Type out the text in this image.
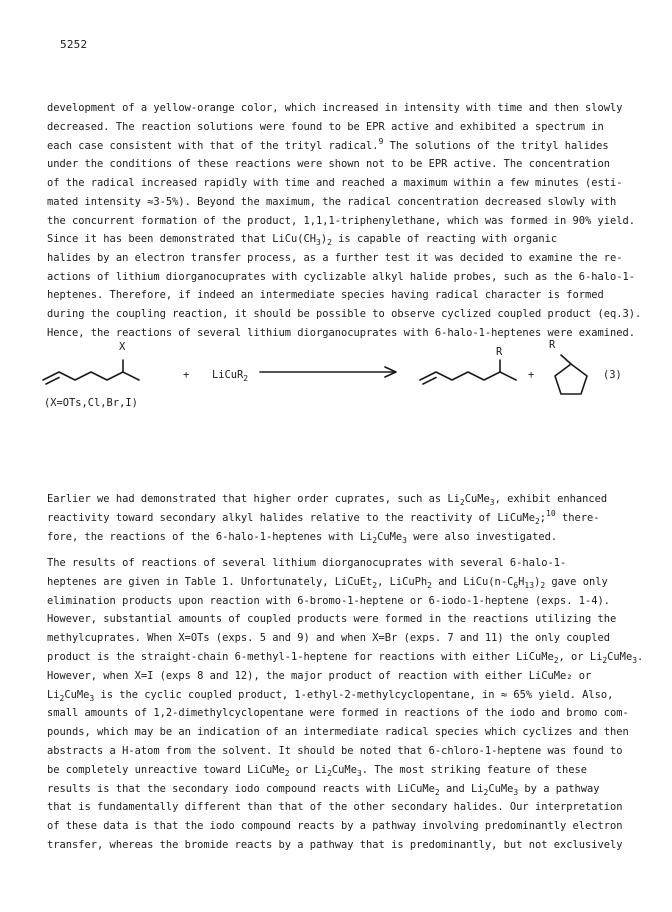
5252
development of a yellow-orange color, which increased in intensity with time and then slowly
decreased. The reaction solutions were found to be EPR active and exhibited a spectrum in
each case consistent with that of the trityl radical.$^9$ The solutions of the trityl halides
under the conditions of these reactions were shown not to be EPR active. The concentration
of the radical increased rapidly with time and reached a maximum within a few minutes (esti-
mated intensity ≈3-5%). Beyond the maximum, the radical concentration decreased slowly with
the concurrent formation of the product, 1,1,1-triphenylethane, which was formed in 90% yield.
Since it has been demonstrated that $LiCu(CH_3)_2$ is capable of reacting with organic
halides by an electron transfer process, as a further test it was decided to examine the re-
actions of lithium diorganocuprates with cyclizable alkyl halide probes, such as the 6-halo-1-
heptenes. Therefore, if indeed an intermediate species having radical character is formed
during the coupling reaction, it should be possible to observe cyclized coupled product (eq.3).
Hence, the reactions of several lithium diorganocuprates with 6-halo-1-heptenes were examined.
X
+ LiCuR$_2$
R
+
R
(3)
(X=OTs,Cl,Br,I)
Earlier we had demonstrated that higher order cuprates, such as $Li_2CuMe_3$, exhibit enhanced
reactivity toward secondary alkyl halides relative to the reactivity of LiCuMe$_2$;$^{10}$ there-
fore, the reactions of the 6-halo-1-heptenes with $Li_2CuMe_3$ were also investigated.
The results of reactions of several lithium diorganocuprates with several 6-halo-1-
heptenes are given in Table 1. Unfortunately, LiCuEt$_2$, LiCuPh$_2$ and $LiCu(n-C_6H_{13})_2$ gave only
elimination products upon reaction with 6-bromo-1-heptene or 6-iodo-1-heptene (exps. 1-4).
However, substantial amounts of coupled products were formed in the reactions utilizing the
methylcuprates. When X=OTs (exps. 5 and 9) and when X=Br (exps. 7 and 11) the only coupled
product is the straight-chain 6-methyl-1-heptene for reactions with either LiCuMe$_2$, or $Li_2CuMe_3$.
However, when X=I (exps 8 and 12), the major product of reaction with either LiCuMe₂ or
$Li_2CuMe_3$ is the cyclic coupled product, 1-ethyl-2-methylcyclopentane, in ≈ 65% yield. Also,
small amounts of 1,2-dimethylcyclopentane were formed in reactions of the iodo and bromo com-
pounds, which may be an indication of an intermediate radical species which cyclizes and then
abstracts a H-atom from the solvent. It should be noted that 6-chloro-1-heptene was found to
be completely unreactive toward LiCuMe$_2$ or $Li_2CuMe_3$. The most striking feature of these
results is that the secondary iodo compound reacts with LiCuMe$_2$ and $Li_2CuMe_3$ by a pathway
that is fundamentally different than that of the other secondary halides. Our interpretation
of these data is that the iodo compound reacts by a pathway involving predominantly electron
transfer, whereas the bromide reacts by a pathway that is predominantly, but not exclusively
